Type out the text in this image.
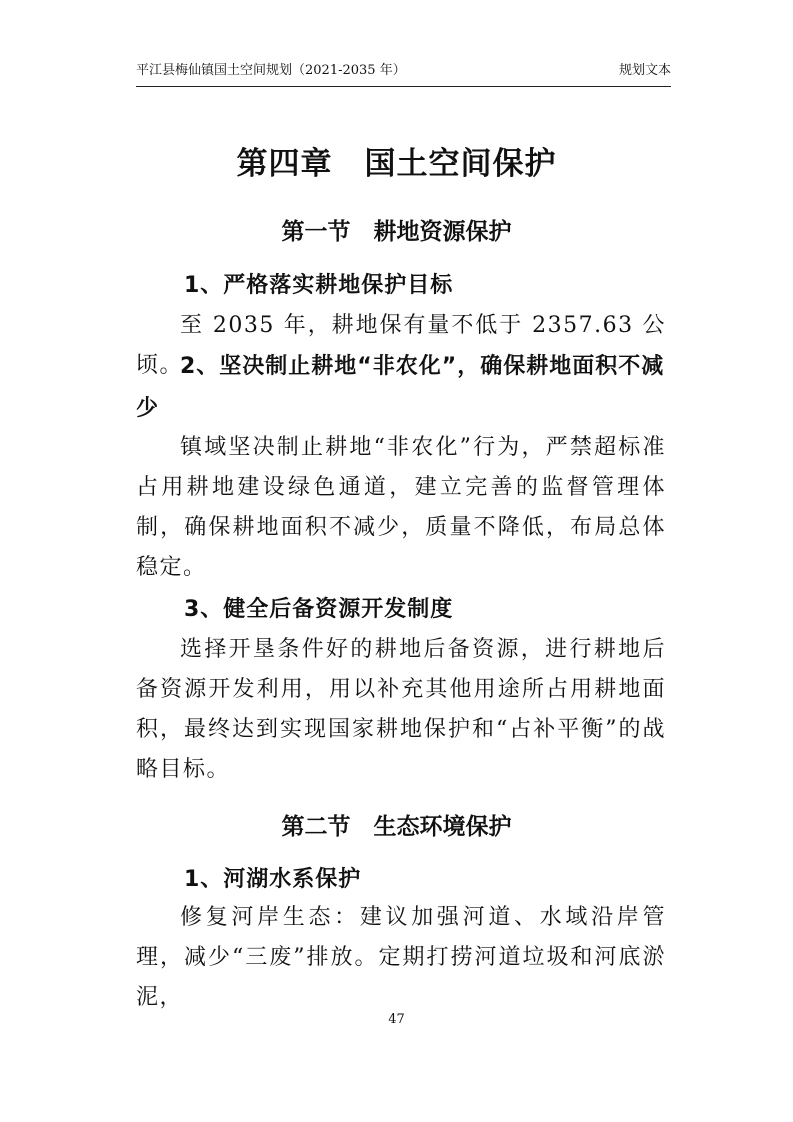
平江县梅仙镇国土空间规划（2021-2035 年）	规划文本
第四章　国土空间保护
第一节　耕地资源保护
1、严格落实耕地保护目标
至 2035 年，耕地保有量不低于 2357.63 公顷。
2、坚决制止耕地“非农化”，确保耕地面积不减少
镇域坚决制止耕地“非农化”行为，严禁超标准占用耕地建设绿色通道，建立完善的监督管理体制，确保耕地面积不减少，质量不降低，布局总体稳定。
3、健全后备资源开发制度
选择开垦条件好的耕地后备资源，进行耕地后备资源开发利用，用以补充其他用途所占用耕地面积，最终达到实现国家耕地保护和“占补平衡”的战略目标。
第二节　生态环境保护
1、河湖水系保护
修复河岸生态：建议加强河道、水域沿岸管理，减少“三废”排放。定期打捞河道垃圾和河底淤泥，
47
